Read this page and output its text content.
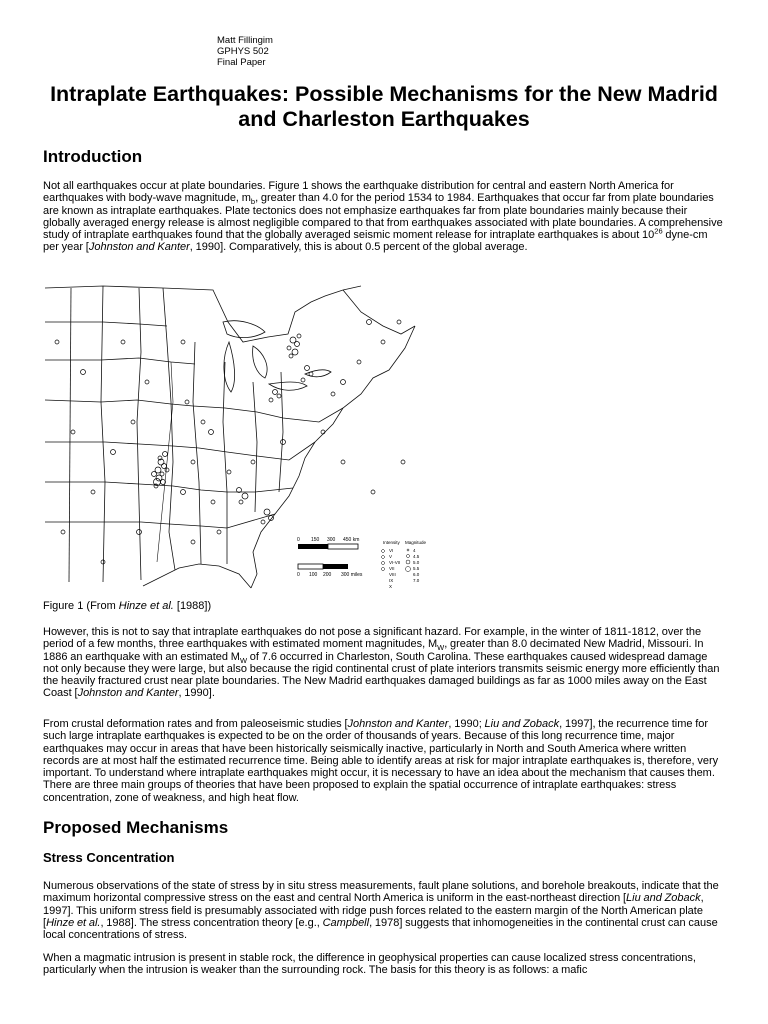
Matt Fillingim
GPHYS 502
Final Paper
Intraplate Earthquakes: Possible Mechanisms for the New Madrid and Charleston Earthquakes
Introduction

Not all earthquakes occur at plate boundaries. Figure 1 shows the earthquake distribution for central and eastern North America for earthquakes with body-wave magnitude, $m_b$, greater than 4.0 for the period 1534 to 1984. Earthquakes that occur far from plate boundaries are known as intraplate earthquakes. Plate tectonics does not emphasize earthquakes far from plate boundaries mainly because their globally averaged energy release is almost negligible compared to that from earthquakes associated with plate boundaries. A comprehensive study of intraplate earthquakes found that the globally averaged seismic moment release for intraplate earthquakes is about $10^{26}$ dyne-cm per year [Johnston and Kanter, 1990]. Comparatively, this is about 0.5 percent of the global average.

0 150 300 450 km
0 100 200 300 miles
Intensity Magnitude
VI
V
VI-VII
VII
VIII
IX
X
4
4.5
5.0
5.5
6.0
7.0

Figure 1 (From Hinze et al. [1988])

However, this is not to say that intraplate earthquakes do not pose a significant hazard. For example, in the winter of 1811-1812, over the period of a few months, three earthquakes with estimated moment magnitudes, $M_W$, greater than 8.0 decimated New Madrid, Missouri. In 1886 an earthquake with an estimated $M_W$ of 7.6 occurred in Charleston, South Carolina. These earthquakes caused widespread damage not only because they were large, but also because the rigid continental crust of plate interiors transmits seismic energy more efficiently than the heavily fractured crust near plate boundaries. The New Madrid earthquakes damaged buildings as far as 1000 miles away on the East Coast [Johnston and Kanter, 1990].

From crustal deformation rates and from paleoseismic studies [Johnston and Kanter, 1990; Liu and Zoback, 1997], the recurrence time for such large intraplate earthquakes is expected to be on the order of thousands of years. Because of this long recurrence time, major earthquakes may occur in areas that have been historically seismically inactive, particularly in North and South America where written records are at most half the estimated recurrence time. Being able to identify areas at risk for major intraplate earthquakes is, therefore, very important. To understand where intraplate earthquakes might occur, it is necessary to have an idea about the mechanism that causes them. There are three main groups of theories that have been proposed to explain the spatial occurrence of intraplate earthquakes: stress concentration, zone of weakness, and high heat flow.

Proposed Mechanisms
Stress Concentration

Numerous observations of the state of stress by in situ stress measurements, fault plane solutions, and borehole breakouts, indicate that the maximum horizontal compressive stress on the east and central North America is uniform in the east-northeast direction [Liu and Zoback, 1997]. This uniform stress field is presumably associated with ridge push forces related to the eastern margin of the North American plate [Hinze et al., 1988]. The stress concentration theory [e.g., Campbell, 1978] suggests that inhomogeneities in the continental crust can cause local concentrations of stress.

When a magmatic intrusion is present in stable rock, the difference in geophysical properties can cause localized stress concentrations, particularly when the intrusion is weaker than the surrounding rock. The basis for this theory is as follows: a mafic
